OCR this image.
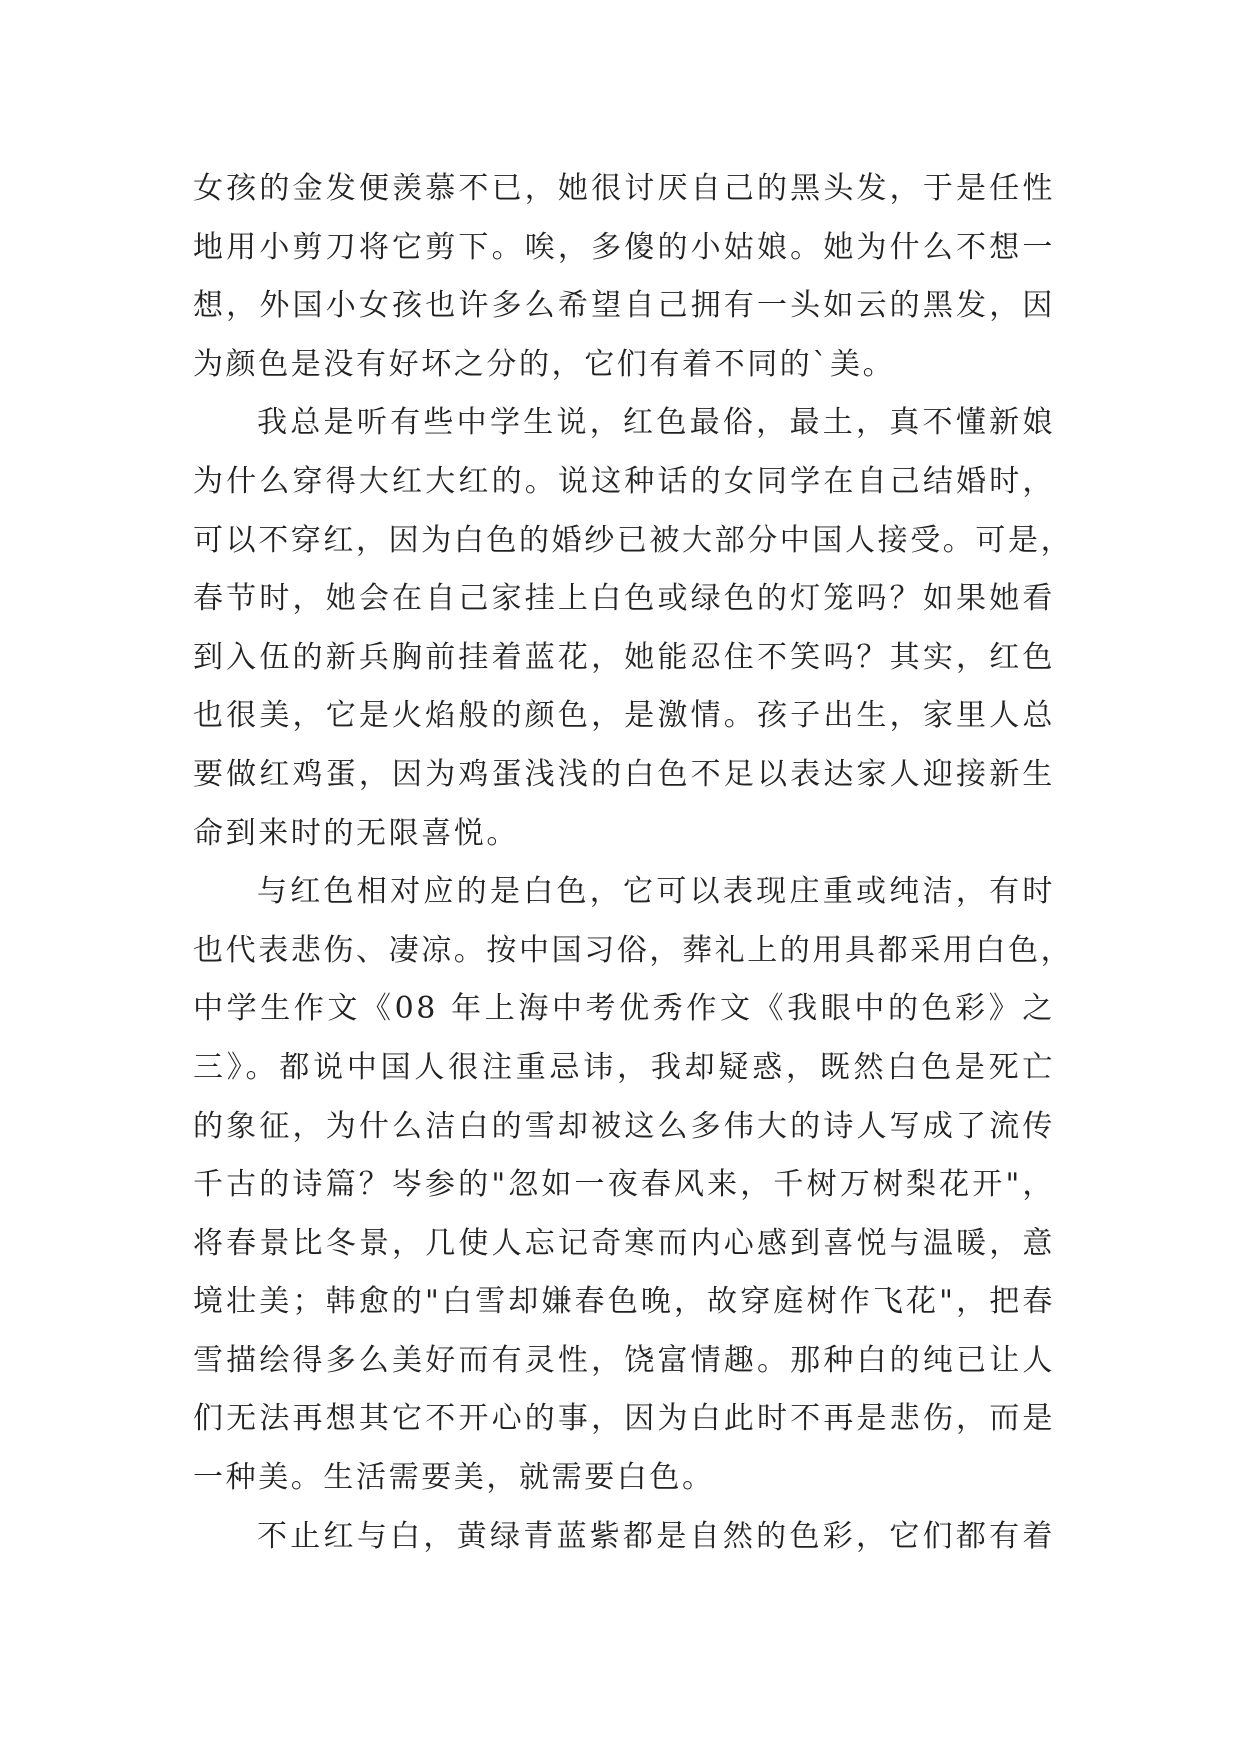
女孩的金发便羡慕不已，她很讨厌自己的黑头发，于是任性
地用小剪刀将它剪下。唉，多傻的小姑娘。她为什么不想一
想，外国小女孩也许多么希望自己拥有一头如云的黑发，因
为颜色是没有好坏之分的，它们有着不同的`美。

我总是听有些中学生说，红色最俗，最土，真不懂新娘
为什么穿得大红大红的。说这种话的女同学在自己结婚时，
可以不穿红，因为白色的婚纱已被大部分中国人接受。可是，
春节时，她会在自己家挂上白色或绿色的灯笼吗？如果她看
到入伍的新兵胸前挂着蓝花，她能忍住不笑吗？其实，红色
也很美，它是火焰般的颜色，是激情。孩子出生，家里人总
要做红鸡蛋，因为鸡蛋浅浅的白色不足以表达家人迎接新生
命到来时的无限喜悦。

与红色相对应的是白色，它可以表现庄重或纯洁，有时
也代表悲伤、凄凉。按中国习俗，葬礼上的用具都采用白色，
中学生作文《08 年上海中考优秀作文《我眼中的色彩》之
三》。都说中国人很注重忌讳，我却疑惑，既然白色是死亡
的象征，为什么洁白的雪却被这么多伟大的诗人写成了流传
千古的诗篇？岑参的"忽如一夜春风来，千树万树梨花开"，
将春景比冬景，几使人忘记奇寒而内心感到喜悦与温暖，意
境壮美；韩愈的"白雪却嫌春色晚，故穿庭树作飞花"，把春
雪描绘得多么美好而有灵性，饶富情趣。那种白的纯已让人
们无法再想其它不开心的事，因为白此时不再是悲伤，而是
一种美。生活需要美，就需要白色。

不止红与白，黄绿青蓝紫都是自然的色彩，它们都有着
